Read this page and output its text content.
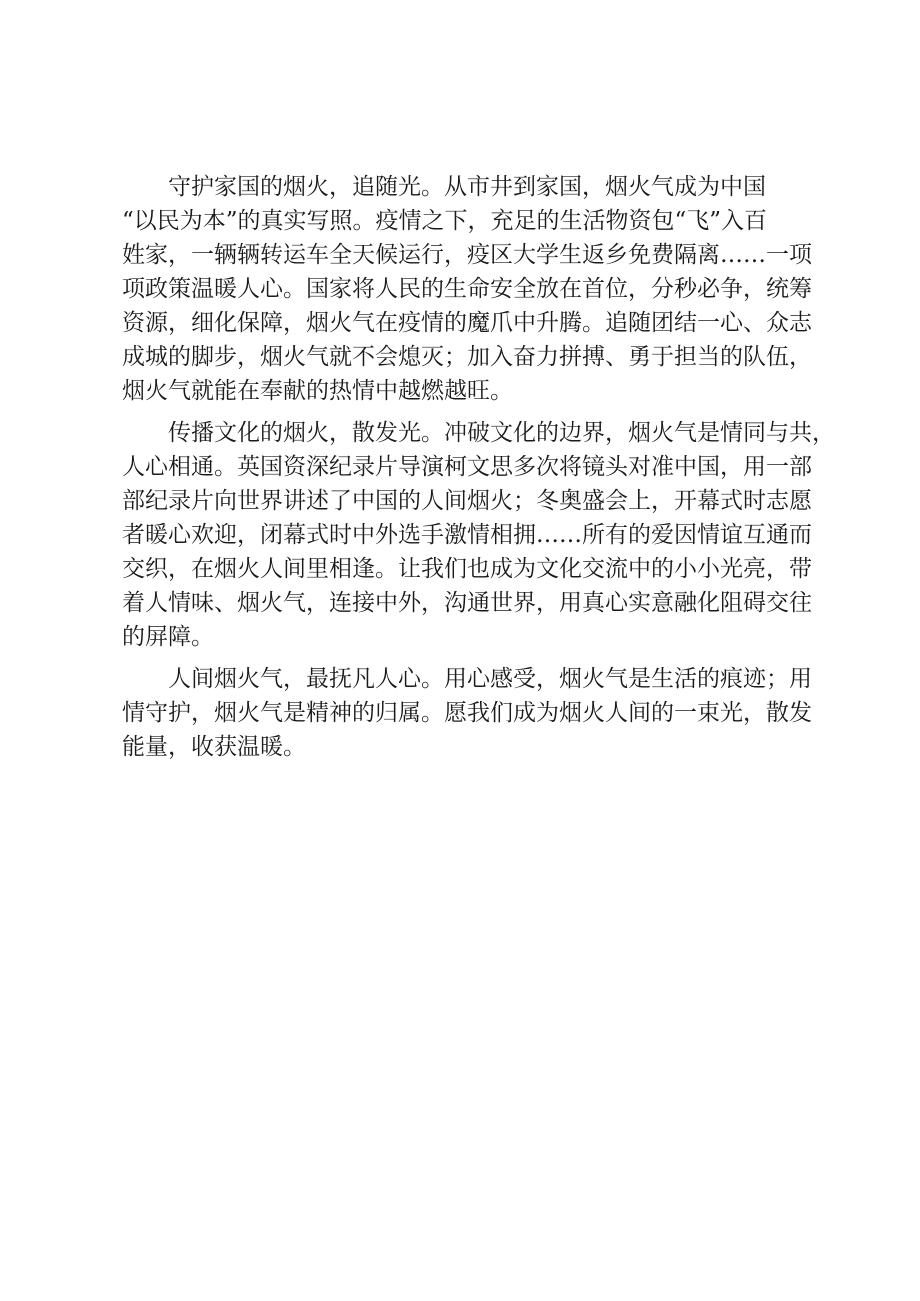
守护家国的烟火，追随光。从市井到家国，烟火气成为中国
“以民为本”的真实写照。疫情之下，充足的生活物资包“飞”入百
姓家，一辆辆转运车全天候运行，疫区大学生返乡免费隔离……一项
项政策温暖人心。国家将人民的生命安全放在首位，分秒必争，统筹
资源，细化保障，烟火气在疫情的魔爪中升腾。追随团结一心、众志
成城的脚步，烟火气就不会熄灭；加入奋力拼搏、勇于担当的队伍，
烟火气就能在奉献的热情中越燃越旺。

传播文化的烟火，散发光。冲破文化的边界，烟火气是情同与共，
人心相通。英国资深纪录片导演柯文思多次将镜头对准中国，用一部
部纪录片向世界讲述了中国的人间烟火；冬奥盛会上，开幕式时志愿
者暖心欢迎，闭幕式时中外选手激情相拥……所有的爱因情谊互通而
交织，在烟火人间里相逢。让我们也成为文化交流中的小小光亮，带
着人情味、烟火气，连接中外，沟通世界，用真心实意融化阻碍交往
的屏障。

人间烟火气，最抚凡人心。用心感受，烟火气是生活的痕迹；用
情守护，烟火气是精神的归属。愿我们成为烟火人间的一束光，散发
能量，收获温暖。
